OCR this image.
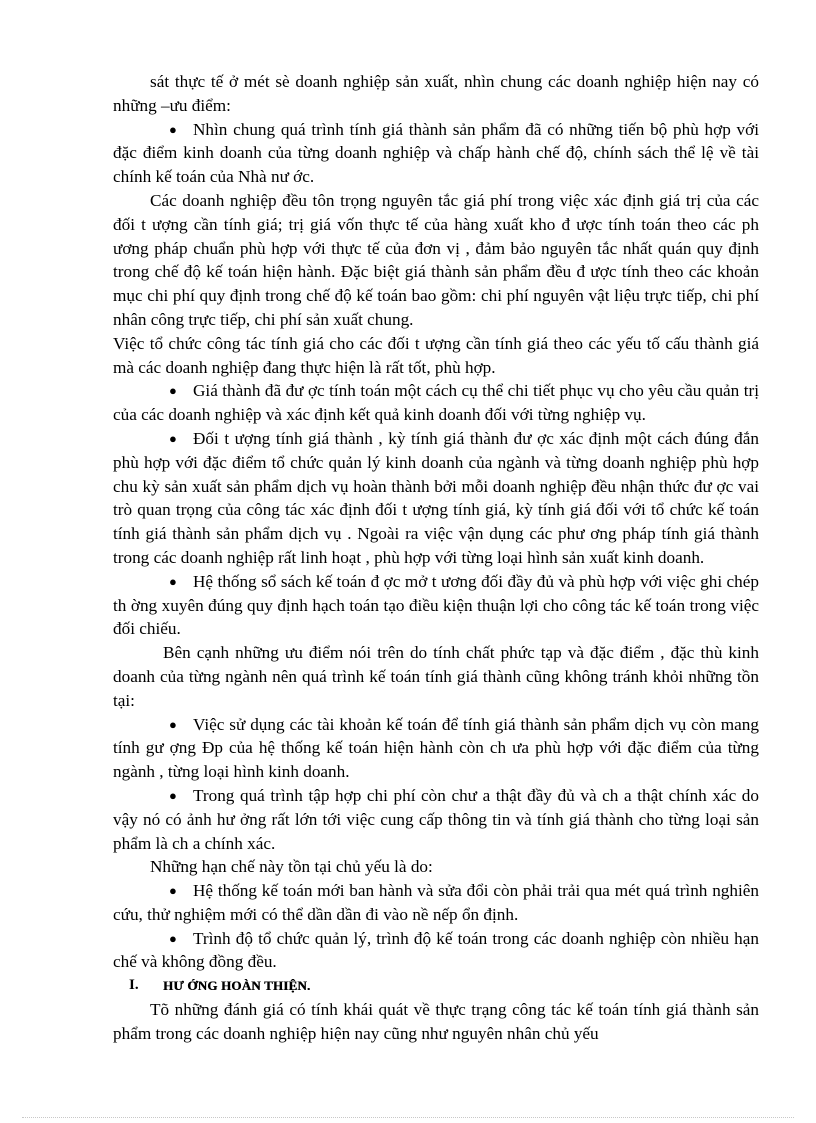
sát thực tế ở mét sè doanh nghiệp sản xuất, nhìn chung các doanh nghiệp hiện nay có những –ưu điểm:

● Nhìn chung quá trình tính giá thành sản phẩm đã có những tiến bộ phù hợp với đặc điểm kinh doanh của từng doanh nghiệp và chấp hành chế độ, chính sách thể lệ về tài chính kế toán của Nhà nư ớc.

Các doanh nghiệp đều tôn trọng nguyên tắc giá phí trong việc xác định giá trị của các đối t ượng cần tính giá; trị giá vốn thực tế của hàng xuất kho đ ược tính toán theo các ph ương pháp chuẩn phù hợp với thực tế của đơn vị , đảm bảo nguyên tắc nhất quán quy định trong chế độ kế toán hiện hành. Đặc biệt giá thành sản phẩm đều đ ược tính theo các khoản mục chi phí quy định trong chế độ kế toán bao gồm: chi phí nguyên vật liệu trực tiếp, chi phí nhân công trực tiếp, chi phí sản xuất chung.

Việc tổ chức công tác tính giá cho các đối t ượng cần tính giá theo các yếu tố cấu thành giá mà các doanh nghiệp đang thực hiện là rất tốt, phù hợp.

● Giá thành đã đư ợc tính toán một cách cụ thể chi tiết phục vụ cho yêu cầu quản trị của các doanh nghiệp và xác định kết quả kinh doanh đối với từng nghiệp vụ.

● Đối t ượng tính giá thành , kỳ tính giá thành đư ợc xác định một cách đúng đắn phù hợp với đặc điểm tổ chức quản lý kinh doanh của ngành và từng doanh nghiệp phù hợp chu kỳ sản xuất sản phẩm dịch vụ hoàn thành bởi mỗi doanh nghiệp đều nhận thức đư ợc vai trò quan trọng của công tác xác định đối t ượng tính giá, kỳ tính giá đối với tổ chức kế toán tính giá thành sản phẩm dịch vụ . Ngoài ra việc vận dụng các phư ơng pháp tính giá thành trong các doanh nghiệp rất linh hoạt , phù hợp với từng loại hình sản xuất kinh doanh.

● Hệ thống sổ sách kế toán đ ợc mở t ương đối đầy đủ và phù hợp với việc ghi chép th ờng xuyên đúng quy định hạch toán tạo điều kiện thuận lợi cho công tác kế toán trong việc đối chiếu.

Bên cạnh những ưu điểm nói trên do tính chất phức tạp và đặc điểm , đặc thù kinh doanh của từng ngành nên quá trình kế toán tính giá thành cũng không tránh khỏi những tồn tại:

● Việc sử dụng các tài khoản kế toán để tính giá thành sản phẩm dịch vụ còn mang tính gư ợng Đp của hệ thống kế toán hiện hành còn ch ưa phù hợp với đặc điểm của từng ngành , từng loại hình kinh doanh.

● Trong quá trình tập hợp chi phí còn chư a thật đầy đủ và ch a thật chính xác do vậy nó có ảnh hư ởng rất lớn tới việc cung cấp thông tin và tính giá thành cho từng loại sản phẩm là ch a chính xác.

Những hạn chế này tồn tại chủ yếu là do:

● Hệ thống kế toán mới ban hành và sửa đổi còn phải trải qua mét quá trình nghiên cứu, thử nghiệm mới có thể dần dần đi vào nề nếp ổn định.

● Trình độ tổ chức quản lý, trình độ kế toán trong các doanh nghiệp còn nhiều hạn chế và không đồng đều.

I. HƯ ỚNG HOÀN THIỆN.

Tõ những đánh giá có tính khái quát về thực trạng công tác kế toán tính giá thành sản phẩm trong các doanh nghiệp hiện nay cũng như nguyên nhân chủ yếu
